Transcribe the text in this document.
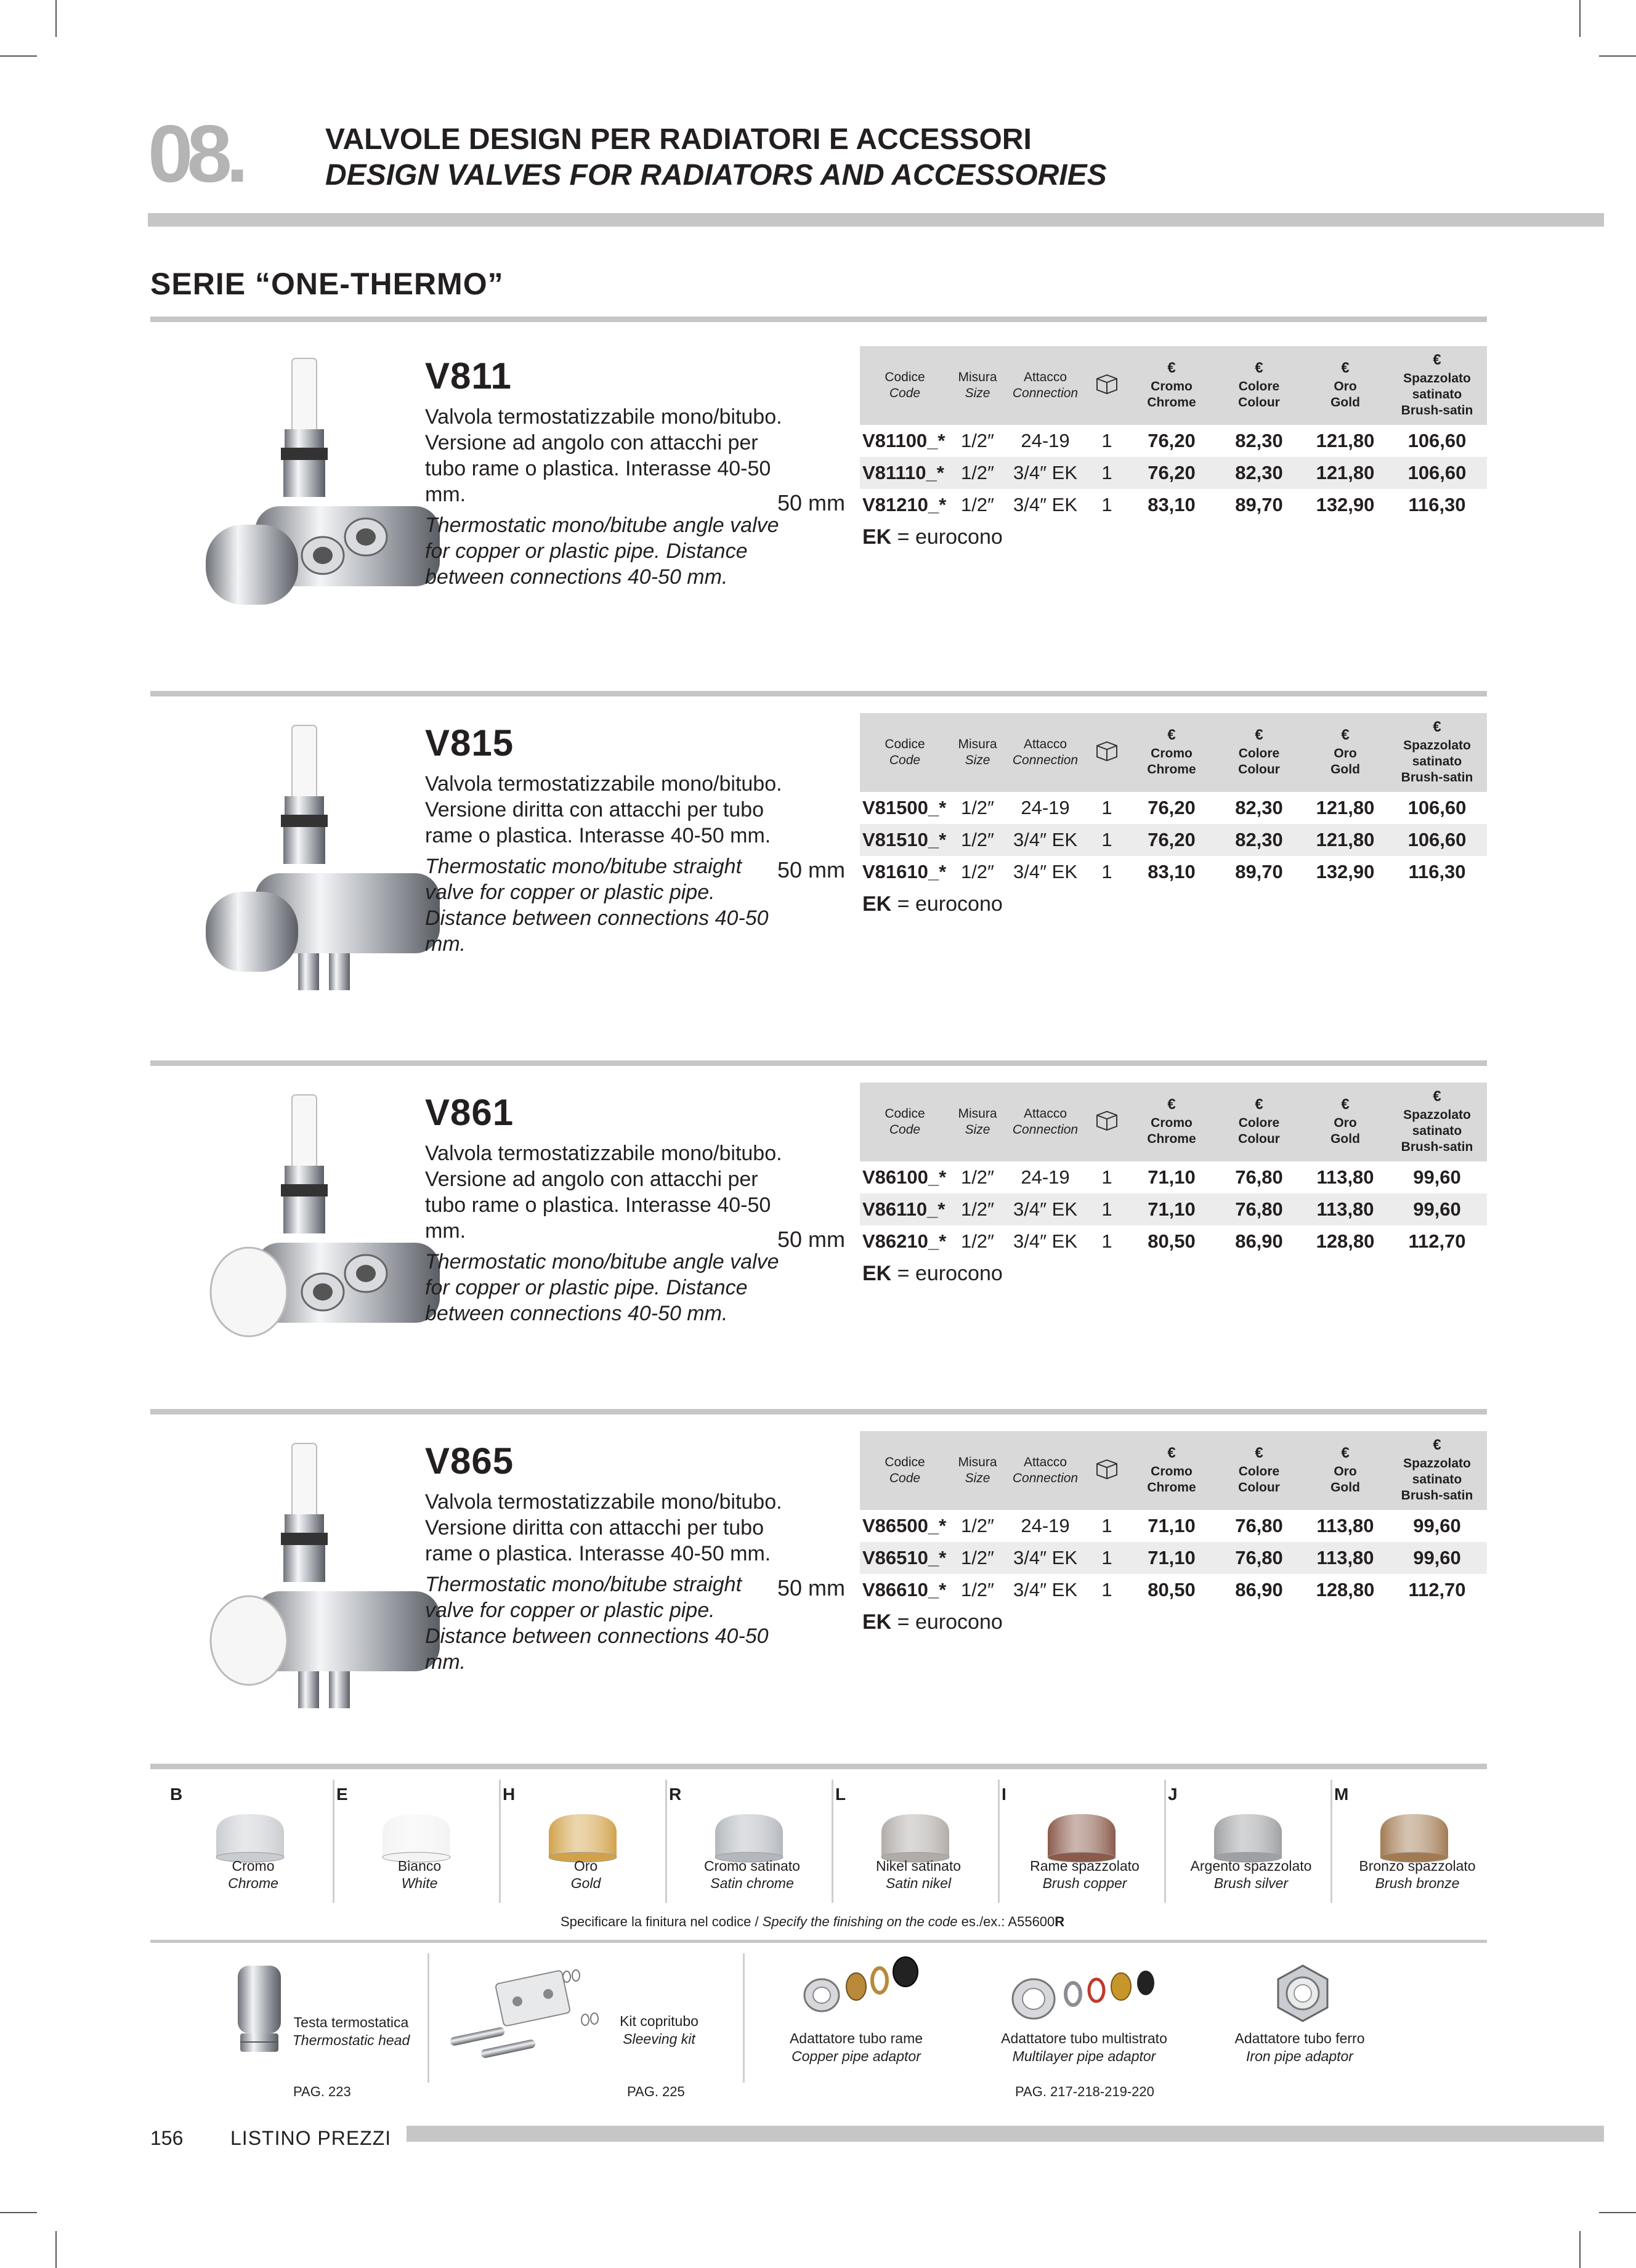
08.	VALVOLE DESIGN PER RADIATORI E ACCESSORI
DESIGN VALVES FOR RADIATORS AND ACCESSORIES
SERIE “ONE-THERMO”
V811
Valvola termostatizzabile mono/bitubo. Versione ad angolo con attacchi per tubo rame o plastica. Interasse 40-50 mm.
Thermostatic mono/bitube angle valve for copper or plastic pipe. Distance between connections 40-50 mm.
50 mm
Codice
Code	Misura
Size	Attacco
Connection		€
Cromo
Chrome	€
Colore
Colour	€
Oro
Gold	€
Spazzolato satinato
Brush-satin
V81100_*	1/2″	24-19	1	76,20	82,30	121,80	106,60
V81110_*	1/2″	3/4″ EK	1	76,20	82,30	121,80	106,60
V81210_*	1/2″	3/4″ EK	1	83,10	89,70	132,90	116,30
EK = eurocono							
V815
Valvola termostatizzabile mono/bitubo. Versione diritta con attacchi per tubo rame o plastica. Interasse 40-50 mm.
Thermostatic mono/bitube straight valve for copper or plastic pipe. Distance between connections 40-50 mm.
50 mm
Codice
Code	Misura
Size	Attacco
Connection		€
Cromo
Chrome	€
Colore
Colour	€
Oro
Gold	€
Spazzolato satinato
Brush-satin
V81500_*	1/2″	24-19	1	76,20	82,30	121,80	106,60
V81510_*	1/2″	3/4″ EK	1	76,20	82,30	121,80	106,60
V81610_*	1/2″	3/4″ EK	1	83,10	89,70	132,90	116,30
EK = eurocono							
V861
Valvola termostatizzabile mono/bitubo. Versione ad angolo con attacchi per tubo rame o plastica. Interasse 40-50 mm.
Thermostatic mono/bitube angle valve for copper or plastic pipe. Distance between connections 40-50 mm.
50 mm
Codice
Code	Misura
Size	Attacco
Connection		€
Cromo
Chrome	€
Colore
Colour	€
Oro
Gold	€
Spazzolato satinato
Brush-satin
V86100_*	1/2″	24-19	1	71,10	76,80	113,80	99,60
V86110_*	1/2″	3/4″ EK	1	71,10	76,80	113,80	99,60
V86210_*	1/2″	3/4″ EK	1	80,50	86,90	128,80	112,70
EK = eurocono							
V865
Valvola termostatizzabile mono/bitubo. Versione diritta con attacchi per tubo rame o plastica. Interasse 40-50 mm.
Thermostatic mono/bitube straight valve for copper or plastic pipe. Distance between connections 40-50 mm.
50 mm
Codice
Code	Misura
Size	Attacco
Connection		€
Cromo
Chrome	€
Colore
Colour	€
Oro
Gold	€
Spazzolato satinato
Brush-satin
V86500_*	1/2″	24-19	1	71,10	76,80	113,80	99,60
V86510_*	1/2″	3/4″ EK	1	71,10	76,80	113,80	99,60
V86610_*	1/2″	3/4″ EK	1	80,50	86,90	128,80	112,70
EK = eurocono							
B
Cromo
Chrome
E
Bianco
White
H
Oro
Gold
R
Cromo satinato
Satin chrome
L
Nikel satinato
Satin nikel
I
Rame spazzolato
Brush copper
J
Argento spazzolato
Brush silver
M
Bronzo spazzolato
Brush bronze
Specificare la finitura nel codice / Specify the finishing on the code es./ex.: A55600R
Testa termostatica
Thermostatic head
PAG. 223
Kit copritubo
Sleeving kit
PAG. 225
Adattatore tubo rame
Copper pipe adaptor
Adattatore tubo multistrato
Multilayer pipe adaptor
PAG. 217-218-219-220
Adattatore tubo ferro
Iron pipe adaptor
156 LISTINO PREZZI
